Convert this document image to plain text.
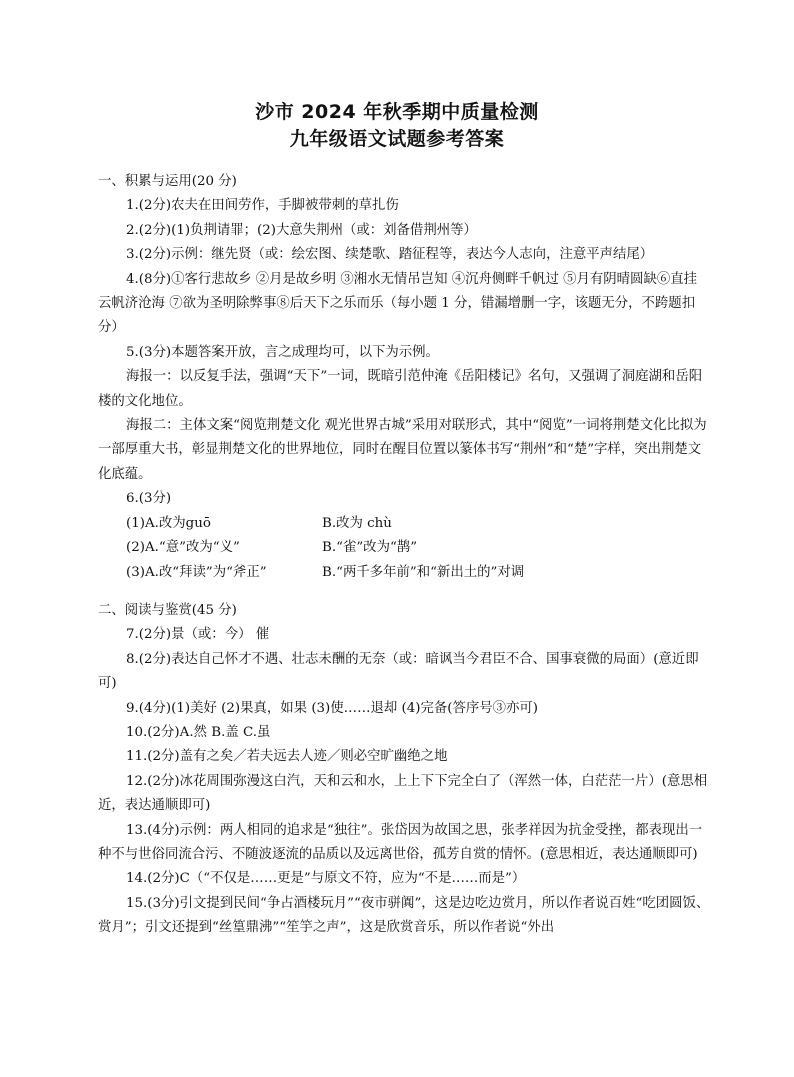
沙市 2024 年秋季期中质量检测
九年级语文试题参考答案

一、积累与运用(20 分)

1.(2分)农夫在田间劳作，手脚被带刺的草扎伤

2.(2分)(1)负荆请罪；(2)大意失荆州（或：刘备借荆州等）

3.(2分)示例：继先贤（或：绘宏图、续楚歌、踏征程等，表达今人志向，注意平声结尾）

4.(8分)①客行悲故乡 ②月是故乡明 ③湘水无情吊岂知 ④沉舟侧畔千帆过 ⑤月有阴晴圆缺⑥直挂云帆济沧海 ⑦欲为圣明除弊事⑧后天下之乐而乐（每小题 1 分，错漏增删一字，该题无分，不跨题扣分）

5.(3分)本题答案开放，言之成理均可，以下为示例。

海报一：以反复手法，强调“天下”一词，既暗引范仲淹《岳阳楼记》名句，又强调了洞庭湖和岳阳楼的文化地位。

海报二：主体文案“阅览荆楚文化 观光世界古城”采用对联形式，其中“阅览”一词将荆楚文化比拟为一部厚重大书，彰显荆楚文化的世界地位，同时在醒目位置以篆体书写“荆州”和“楚”字样，突出荆楚文化底蕴。

6.(3分)

(1)A.改为guō	B.改为 chù
(2)A.“意”改为“义”	B.“雀”改为“鹊”
(3)A.改“拜读”为“斧正”	B.“两千多年前”和“新出土的”对调

二、阅读与鉴赏(45 分)

7.(2分)景（或：今） 催

8.(2分)表达自己怀才不遇、壮志未酬的无奈（或：暗讽当今君臣不合、国事衰微的局面）(意近即可)

9.(4分)(1)美好 (2)果真，如果 (3)使……退却 (4)完备(答序号③亦可)

10.(2分)A.然 B.盖 C.虽

11.(2分)盖有之矣／若夫远去人迹／则必空旷幽绝之地

12.(2分)冰花周围弥漫这白汽，天和云和水，上上下下完全白了（浑然一体，白茫茫一片）(意思相近，表达通顺即可)

13.(4分)示例：两人相同的追求是“独往”。张岱因为故国之思，张孝祥因为抗金受挫，都表现出一种不与世俗同流合污、不随波逐流的品质以及远离世俗，孤芳自赏的情怀。(意思相近，表达通顺即可)

14.(2分)C（“不仅是……更是”与原文不符，应为“不是……而是”）

15.(3分)引文提到民间“争占酒楼玩月”“夜市骈阗”，这是边吃边赏月，所以作者说百姓“吃团圆饭、赏月”；引文还提到“丝篁鼎沸”“笙竽之声”，这是欣赏音乐，所以作者说“外出
